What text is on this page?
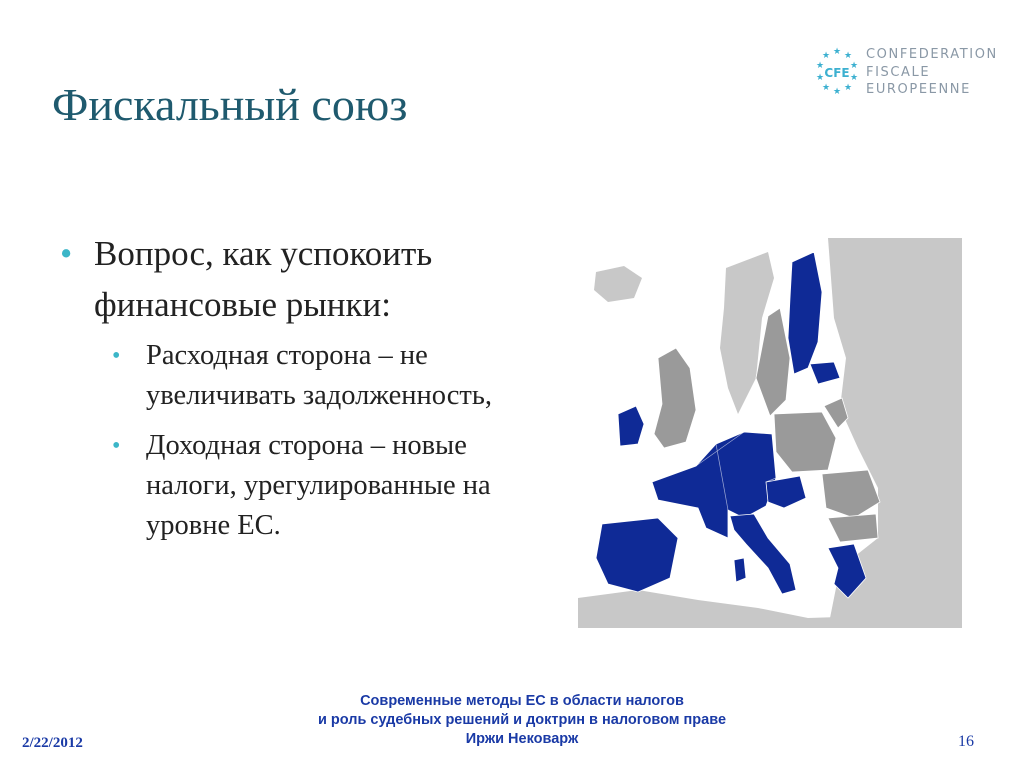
Фискальный союз
★ ★
★
★
★
★
★
★
★
★
CFE
CONFEDERATION
FISCALE
EUROPEENNE
• Вопрос, как успокоить финансовые рынки:
• Расходная сторона – не увеличивать задолженность,
• Доходная сторона – новые налоги, урегулированные на уровне ЕС.
Современные методы ЕС в области налогов
и роль судебных решений и доктрин в налоговом праве
Иржи Нековарж
2/22/2012	16
